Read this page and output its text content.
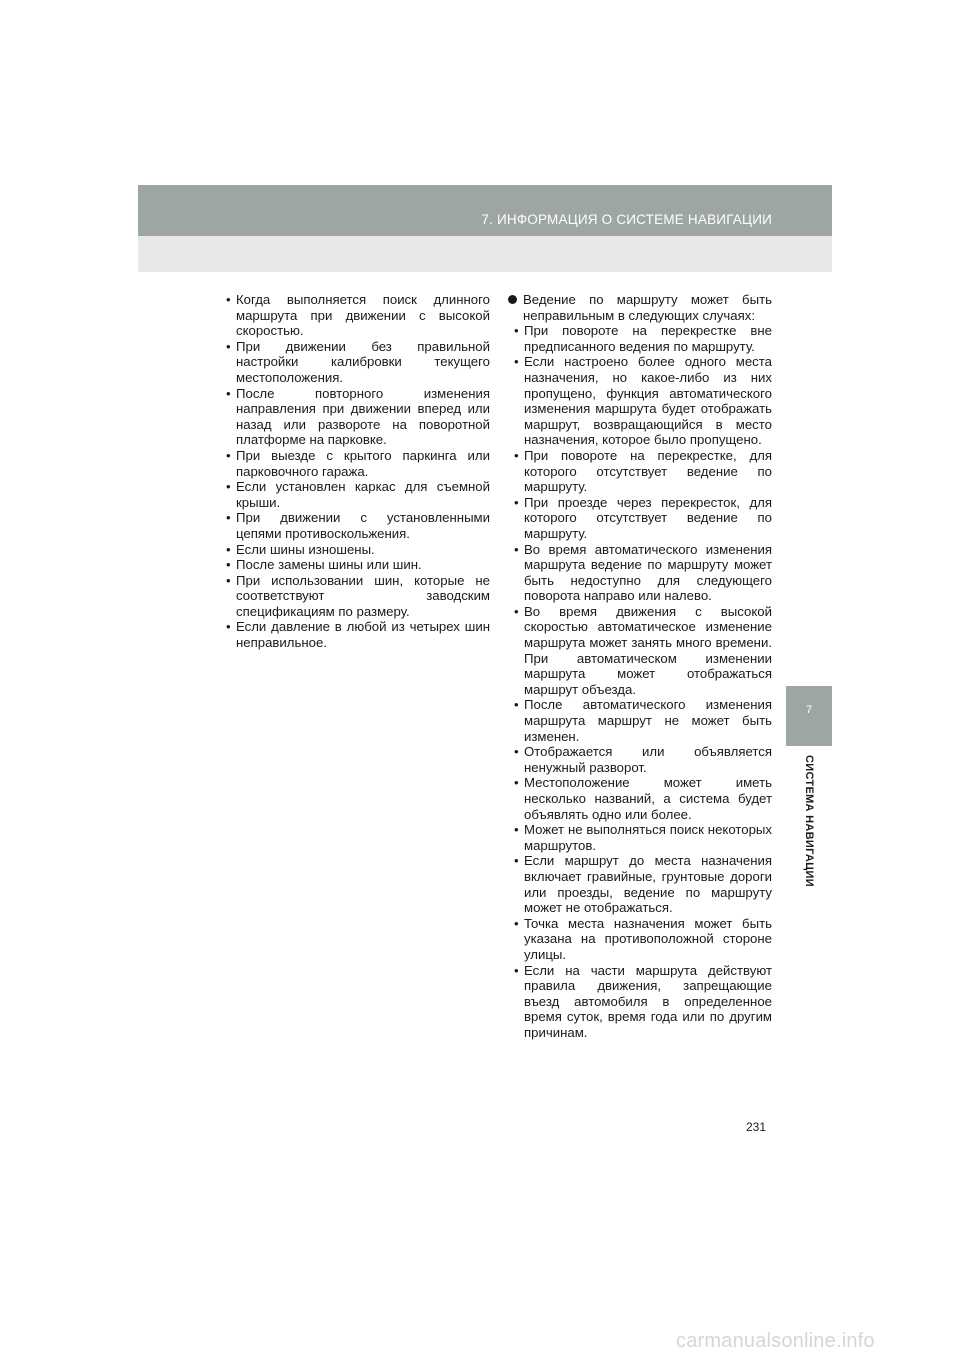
7. ИНФОРМАЦИЯ О СИСТЕМЕ НАВИГАЦИИ
7
СИСТЕМА НАВИГАЦИИ
• Когда выполняется поиск длинного маршрута при движении с высокой скоростью.
• При движении без правильной настройки калибровки текущего местоположения.
• После повторного изменения направления при движении вперед или назад или развороте на поворотной платформе на парковке.
• При выезде с крытого паркинга или парковочного гаража.
• Если установлен каркас для съемной крыши.
• При движении с установленными цепями противоскольжения.
• Если шины изношены.
• После замены шины или шин.
• При использовании шин, которые не соответствуют заводским спецификациям по размеру.
• Если давление в любой из четырех шин неправильное.
Ведение по маршруту может быть неправильным в следующих случаях:
• При повороте на перекрестке вне предписанного ведения по маршруту.
• Если настроено более одного места назначения, но какое-либо из них пропущено, функция автоматического изменения маршрута будет отображать маршрут, возвращающийся в место назначения, которое было пропущено.
• При повороте на перекрестке, для которого отсутствует ведение по маршруту.
• При проезде через перекресток, для которого отсутствует ведение по маршруту.
• Во время автоматического изменения маршрута ведение по маршруту может быть недоступно для следующего поворота направо или налево.
• Во время движения с высокой скоростью автоматическое изменение маршрута может занять много времени. При автоматическом изменении маршрута может отображаться маршрут объезда.
• После автоматического изменения маршрута маршрут не может быть изменен.
• Отображается или объявляется ненужный разворот.
• Местоположение может иметь несколько названий, а система будет объявлять одно или более.
• Может не выполняться поиск некоторых маршрутов.
• Если маршрут до места назначения включает гравийные, грунтовые дороги или проезды, ведение по маршруту может не отображаться.
• Точка места назначения может быть указана на противоположной стороне улицы.
• Если на части маршрута действуют правила движения, запрещающие въезд автомобиля в определенное время суток, время года или по другим причинам.
231
carmanualsonline.info
